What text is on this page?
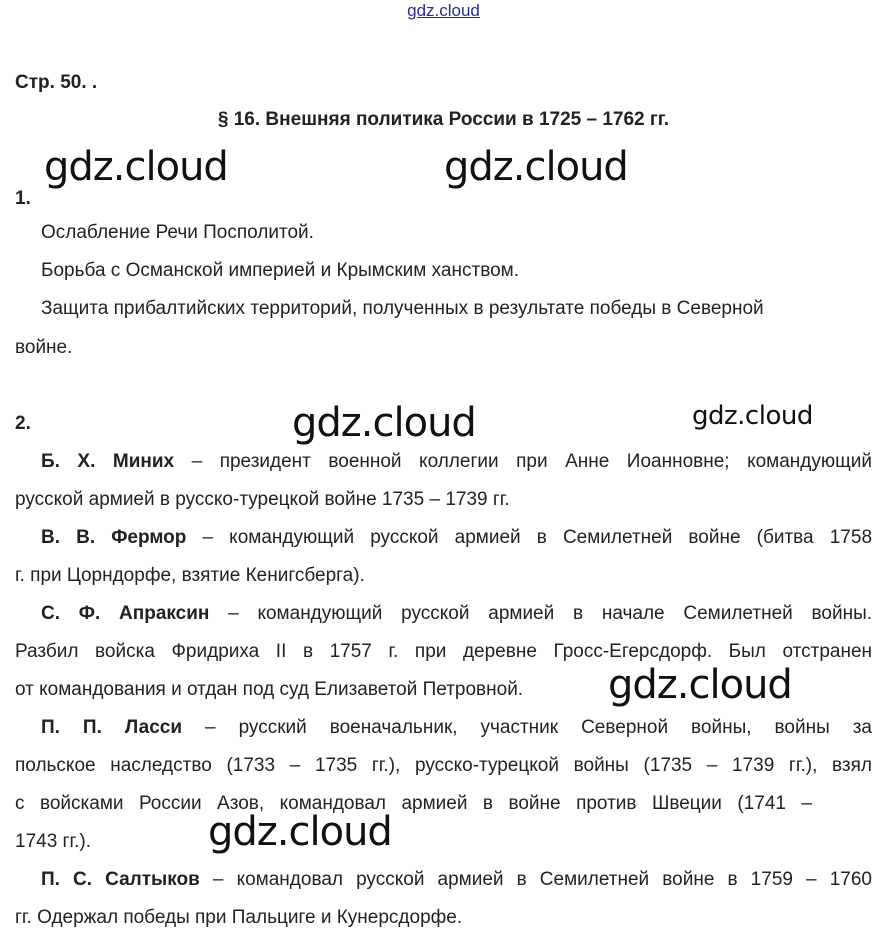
gdz.cloud
Стр. 50. .
§ 16. Внешняя политика России в 1725 – 1762 гг.
gdz.cloud	gdz.cloud
gdz.cloud	gdz.cloud
gdz.cloud
gdz.cloud
1.
Ослабление Речи Посполитой.
Борьба с Османской империей и Крымским ханством.
Защита прибалтийских территорий, полученных в результате победы в Северной
войне.
2.
Б. Х. Миних – президент военной коллегии при Анне Иоанновне; командующий
русской армией в русско-турецкой войне 1735 – 1739 гг.
В. В. Фермор – командующий русской армией в Семилетней войне (битва 1758
г. при Цорндорфе, взятие Кенигсберга).
С. Ф. Апраксин – командующий русской армией в начале Семилетней войны.
Разбил войска Фридриха II в 1757 г. при деревне Гросс-Егерсдорф. Был отстранен
от командования и отдан под суд Елизаветой Петровной.
П. П. Ласси – русский военачальник, участник Северной войны, войны за
польское наследство (1733 – 1735 гг.), русско-турецкой войны (1735 – 1739 гг.), взял
с войсками России Азов, командовал армией в войне против Швеции (1741 –
1743 гг.).
П. С. Салтыков – командовал русской армией в Семилетней войне в 1759 – 1760
гг. Одержал победы при Пальциге и Кунерсдорфе.
